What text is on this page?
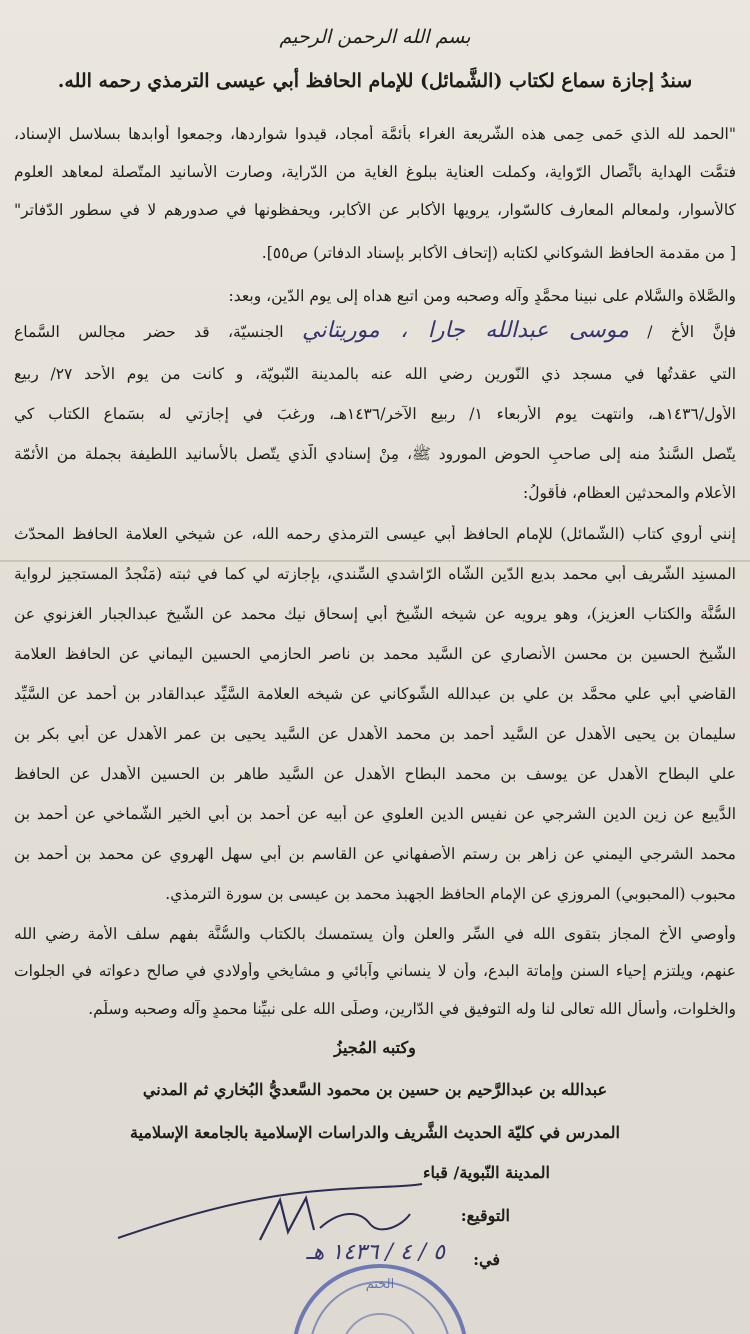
بسم الله الرحمن الرحيم
سندُ إجازة سماع لكتاب (الشَّمائل) للإمام الحافظ أبي عيسى الترمذي رحمه الله.
"الحمد لله الذي حَمى حِمى هذه الشّريعة الغراء بأئمَّة أمجاد، قيدوا شواردها، وجمعوا أوابدها بسلاسل الإسناد،
فتمَّت الهداية باتِّصال الرّواية، وكملت العناية ببلوغ الغاية من الدّراية، وصارت الأسانيد المتّصلة لمعاهد العلوم
كالأسوار، ولمعالم المعارف كالسّوار، يرويها الأكابر عن الأكابر، ويحفظونها في صدورهم لا في سطور الدّفاتر"
[ من مقدمة الحافظ الشوكاني لكتابه (إتحاف الأكابر بإسناد الدفاتر) ص٥٥].
والصَّلاة والسَّلام على نبينا محمَّدٍ وآله وصحبه ومن اتبع هداه إلى يوم الدّين، وبعد:
فإنَّ الأخ / موسى عبدالله جارا ، موريتاني الجنسيّة، قد حضر مجالس السَّماع
التي عقدتُها في مسجد ذي النّورين رضي الله عنه بالمدينة النّبويّة، و كانت من يوم الأحد ٢٧/ ربيع
الأول/١٤٣٦هـ، وانتهت يوم الأربعاء ١/ ربيع الآخر/١٤٣٦هـ، ورغبَ في إجازتي له بسَماع الكتاب كي
يتّصل السَّندُ منه إلى صاحبِ الحوض المورود ﷺ، مِنْ إسنادي الّذي يتّصل بالأسانيد اللطيفة بجملة من الأئمّة
الأعلام والمحدثين العظام، فأقولُ:
إنني أروي كتاب (الشّمائل) للإمام الحافظ أبي عيسى الترمذي رحمه الله، عن شيخي العلامة الحافظ المحدّث
المسنِد الشَّريف أبي محمد بديع الدّين الشّاه الرّاشدي السِّندي، بإجازته لي كما في ثبته (مَنْجدُ المستجيز لرواية
السُّنَّة والكتاب العزيز)، وهو يرويه عن شيخه الشّيخ أبي إسحاق نيك محمد عن الشّيخ عبدالجبار الغزنوي عن
الشّيخ الحسين بن محسن الأنصاري عن السَّيد محمد بن ناصر الحازمي الحسين اليماني عن الحافظ العلامة
القاضي أبي علي محمَّد بن علي بن عبدالله الشّوكاني عن شيخه العلامة السَّيِّد عبدالقادر بن أحمد عن السَّيِّد
سليمان بن يحيى الأهدل عن السَّيد أحمد بن محمد الأهدل عن السَّيد يحيى بن عمر الأهدل عن أبي بكر بن
علي البطاح الأهدل عن يوسف بن محمد البطاح الأهدل عن السَّيد طاهر بن الحسين الأهدل عن الحافظ
الدَّيبع عن زين الدين الشرجي عن نفيس الدين العلوي عن أبيه عن أحمد بن أبي الخير الشّماخي عن أحمد بن
محمد الشرجي اليمني عن زاهر بن رستم الأصفهاني عن القاسم بن أبي سهل الهروي عن محمد بن أحمد بن
محبوب (المحبوبي) المروزي عن الإمام الحافظ الجهبذ محمد بن عيسى بن سورة الترمذي.
وأوصي الأخ المجاز بتقوى الله في السِّر والعلن وأن يستمسك بالكتاب والسُّنَّة بفهم سلف الأمة رضي الله
عنهم، ويلتزم إحياء السنن وإماتة البدع، وأن لا ينساني وآبائي و مشايخي وأولادي في صالح دعواته في الجلوات
والخلوات، وأسأل الله تعالى لنا وله التوفيق في الدّارين، وصلَّى الله على نبيِّنا محمدٍ وآله وصحبه وسلَّم.
وكتبه المُجيزُ
عبدالله بن عبدالرَّحيم بن حسين بن محمود السَّعديُّ البُخاري ثم المدني
المدرس في كليّة الحديث الشَّريف والدراسات الإسلامية بالجامعة الإسلامية
المدينة النّبوية/ قباء
التوقيع:
في:
٥ / ٤ / ١٤٣٦ هـ
الختم
